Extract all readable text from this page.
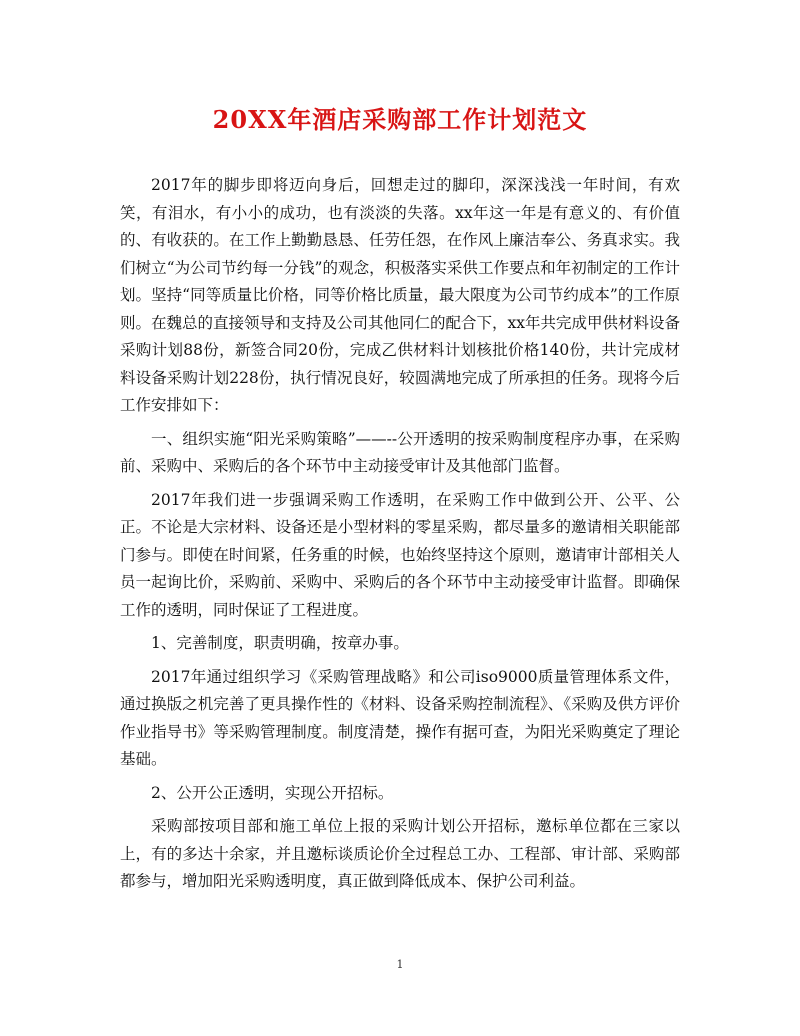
20XX年酒店采购部工作计划范文

2017年的脚步即将迈向身后，回想走过的脚印，深深浅浅一年时间，有欢笑，有泪水，有小小的成功，也有淡淡的失落。xx年这一年是有意义的、有价值的、有收获的。在工作上勤勤恳恳、任劳任怨，在作风上廉洁奉公、务真求实。我们树立“为公司节约每一分钱”的观念，积极落实采供工作要点和年初制定的工作计划。坚持“同等质量比价格，同等价格比质量，最大限度为公司节约成本”的工作原则。在魏总的直接领导和支持及公司其他同仁的配合下，xx年共完成甲供材料设备采购计划88份，新签合同20份，完成乙供材料计划核批价格140份，共计完成材料设备采购计划228份，执行情况良好，较圆满地完成了所承担的任务。现将今后工作安排如下：

一、组织实施“阳光采购策略”——--公开透明的按采购制度程序办事，在采购前、采购中、采购后的各个环节中主动接受审计及其他部门监督。

2017年我们进一步强调采购工作透明，在采购工作中做到公开、公平、公正。不论是大宗材料、设备还是小型材料的零星采购，都尽量多的邀请相关职能部门参与。即使在时间紧，任务重的时候，也始终坚持这个原则，邀请审计部相关人员一起询比价，采购前、采购中、采购后的各个环节中主动接受审计监督。即确保工作的透明，同时保证了工程进度。

1、完善制度，职责明确，按章办事。

2017年通过组织学习《采购管理战略》和公司iso9000质量管理体系文件，通过换版之机完善了更具操作性的《材料、设备采购控制流程》、《采购及供方评价作业指导书》等采购管理制度。制度清楚，操作有据可查，为阳光采购奠定了理论基础。

2、公开公正透明，实现公开招标。

采购部按项目部和施工单位上报的采购计划公开招标，邀标单位都在三家以上，有的多达十余家，并且邀标谈质论价全过程总工办、工程部、审计部、采购部都参与，增加阳光采购透明度，真正做到降低成本、保护公司利益。

1
